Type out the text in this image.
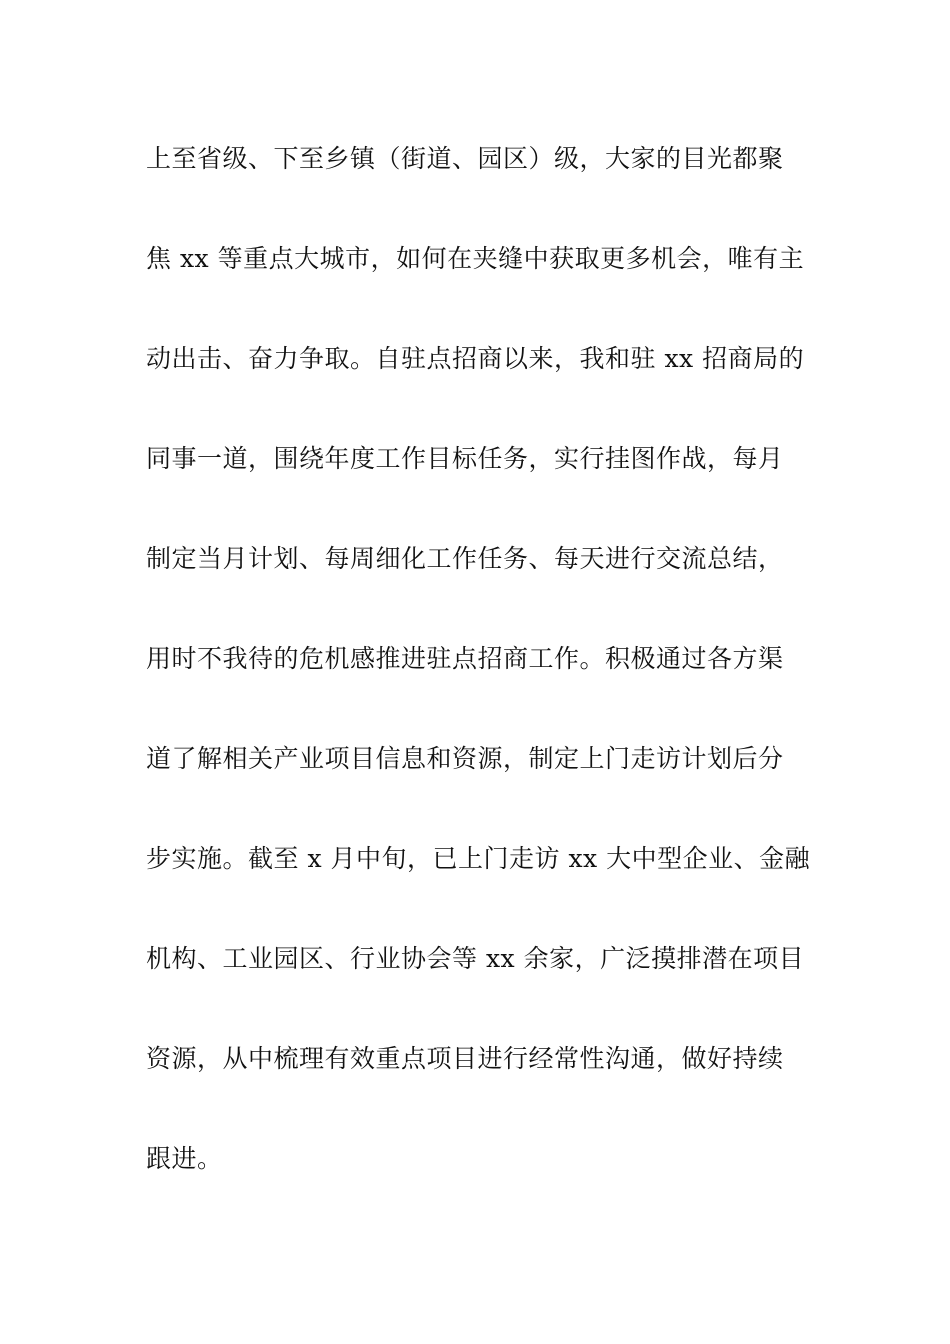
上至省级、下至乡镇（街道、园区）级，大家的目光都聚
焦 xx 等重点大城市，如何在夹缝中获取更多机会，唯有主
动出击、奋力争取。自驻点招商以来，我和驻 xx 招商局的
同事一道，围绕年度工作目标任务，实行挂图作战，每月
制定当月计划、每周细化工作任务、每天进行交流总结，
用时不我待的危机感推进驻点招商工作。积极通过各方渠
道了解相关产业项目信息和资源，制定上门走访计划后分
步实施。截至 x 月中旬，已上门走访 xx 大中型企业、金融
机构、工业园区、行业协会等 xx 余家，广泛摸排潜在项目
资源，从中梳理有效重点项目进行经常性沟通，做好持续
跟进。
